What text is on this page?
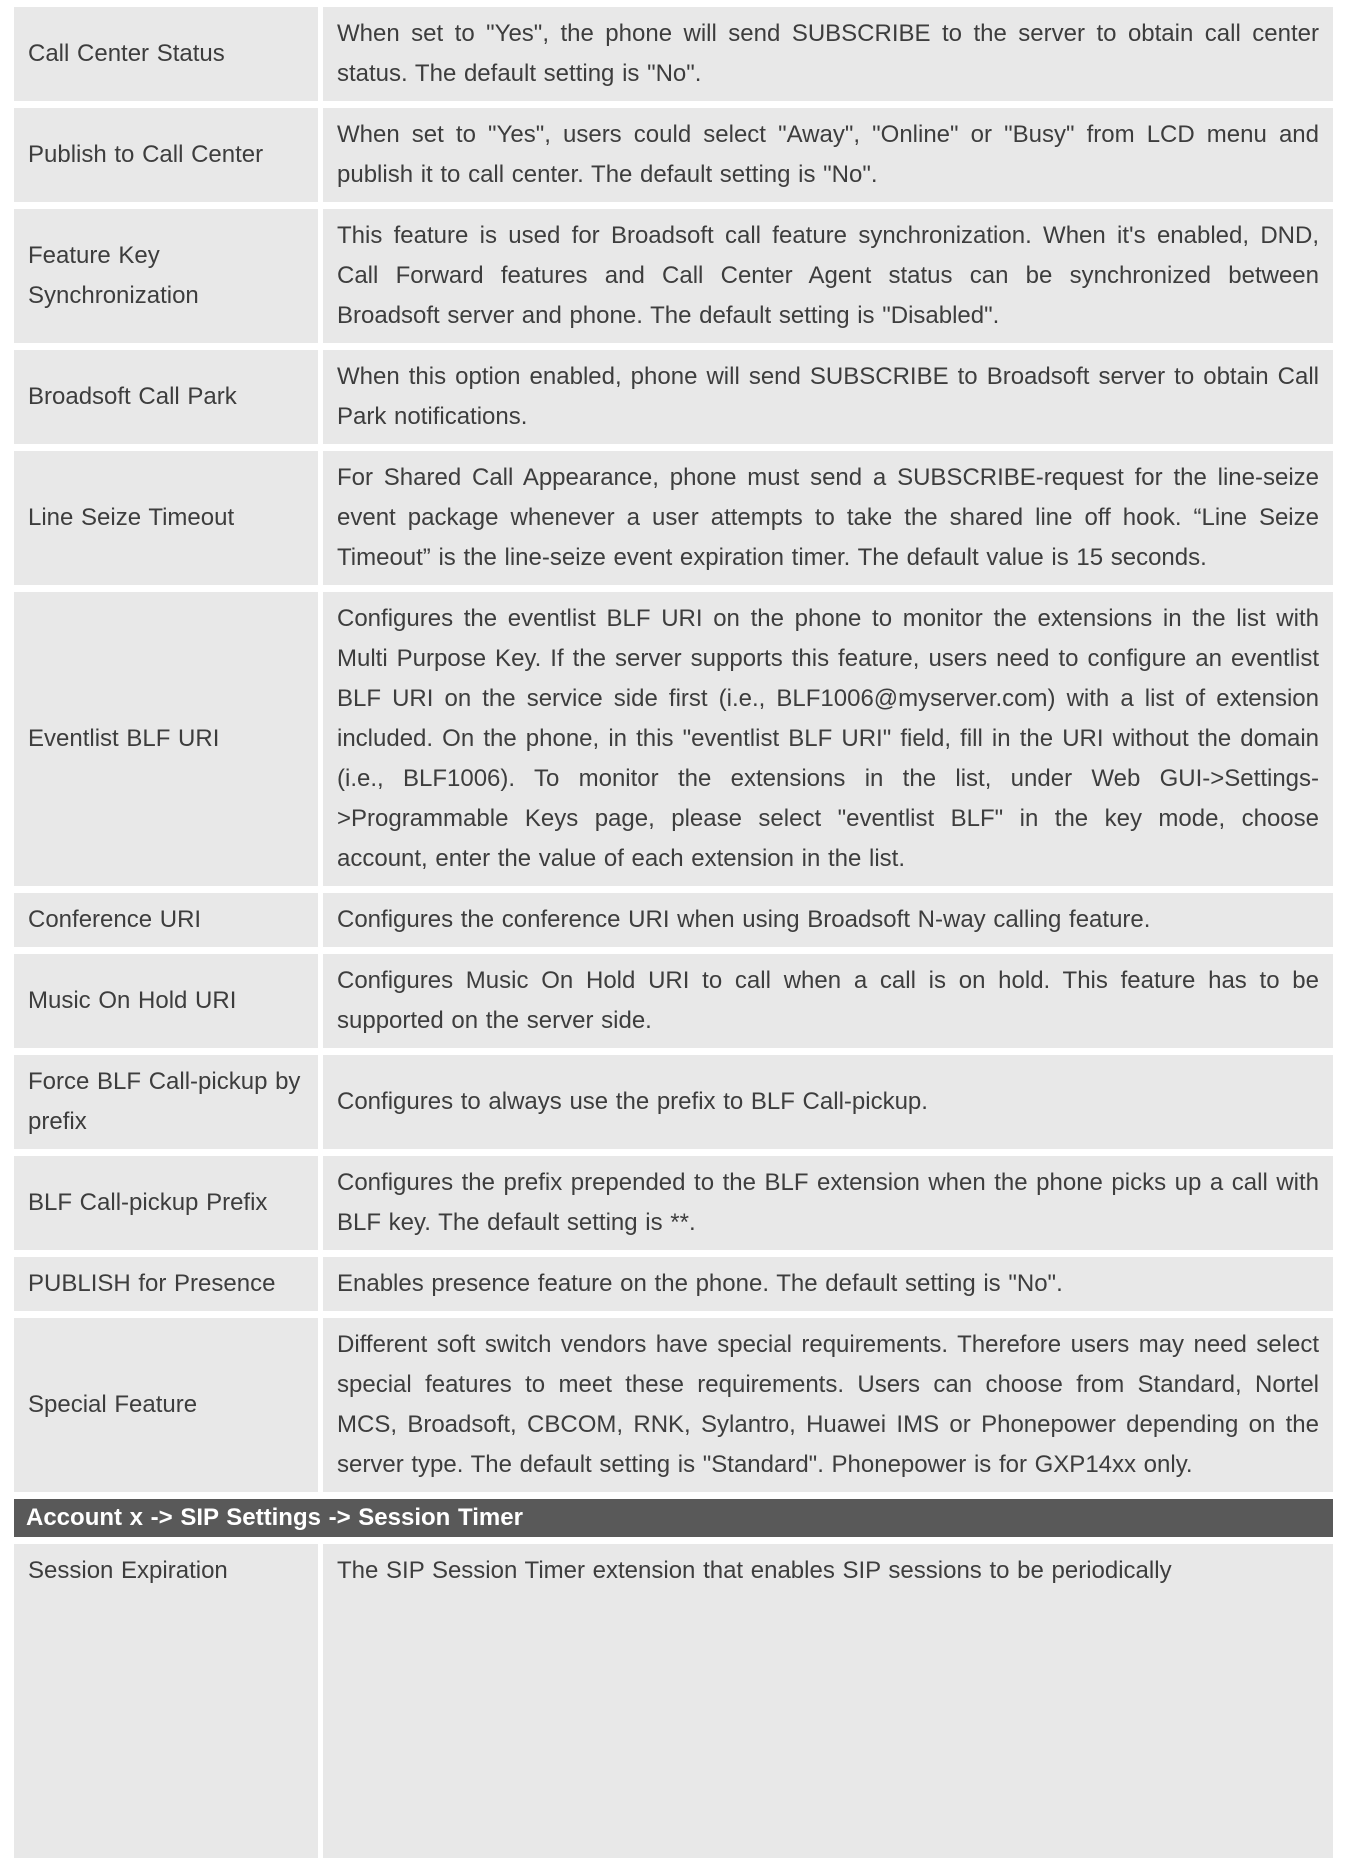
Call Center Status	When set to "Yes", the phone will send SUBSCRIBE to the server to obtain call center status. The default setting is "No".
Publish to Call Center	When set to "Yes", users could select "Away", "Online" or "Busy" from LCD menu and publish it to call center. The default setting is "No".
Feature Key Synchronization	This feature is used for Broadsoft call feature synchronization. When it's enabled, DND, Call Forward features and Call Center Agent status can be synchronized between Broadsoft server and phone. The default setting is "Disabled".
Broadsoft Call Park	When this option enabled, phone will send SUBSCRIBE to Broadsoft server to obtain Call Park notifications.
Line Seize Timeout	For Shared Call Appearance, phone must send a SUBSCRIBE-request for the line-seize event package whenever a user attempts to take the shared line off hook. “Line Seize Timeout” is the line-seize event expiration timer. The default value is 15 seconds.
Eventlist BLF URI	Configures the eventlist BLF URI on the phone to monitor the extensions in the list with Multi Purpose Key. If the server supports this feature, users need to configure an eventlist BLF URI on the service side first (i.e., BLF1006@myserver.com) with a list of extension included. On the phone, in this "eventlist BLF URI" field, fill in the URI without the domain (i.e., BLF1006). To monitor the extensions in the list, under Web GUI->Settings->Programmable Keys page, please select "eventlist BLF" in the key mode, choose account, enter the value of each extension in the list.
Conference URI	Configures the conference URI when using Broadsoft N-way calling feature.
Music On Hold URI	Configures Music On Hold URI to call when a call is on hold. This feature has to be supported on the server side.
Force BLF Call-pickup by prefix	Configures to always use the prefix to BLF Call-pickup.
BLF Call-pickup Prefix	Configures the prefix prepended to the BLF extension when the phone picks up a call with BLF key. The default setting is **.
PUBLISH for Presence	Enables presence feature on the phone. The default setting is "No".
Special Feature	Different soft switch vendors have special requirements. Therefore users may need select special features to meet these requirements. Users can choose from Standard, Nortel MCS, Broadsoft, CBCOM, RNK, Sylantro, Huawei IMS or Phonepower depending on the server type. The default setting is "Standard". Phonepower is for GXP14xx only.
Account x -> SIP Settings -> Session Timer	
Session Expiration	The SIP Session Timer extension that enables SIP sessions to be periodically
